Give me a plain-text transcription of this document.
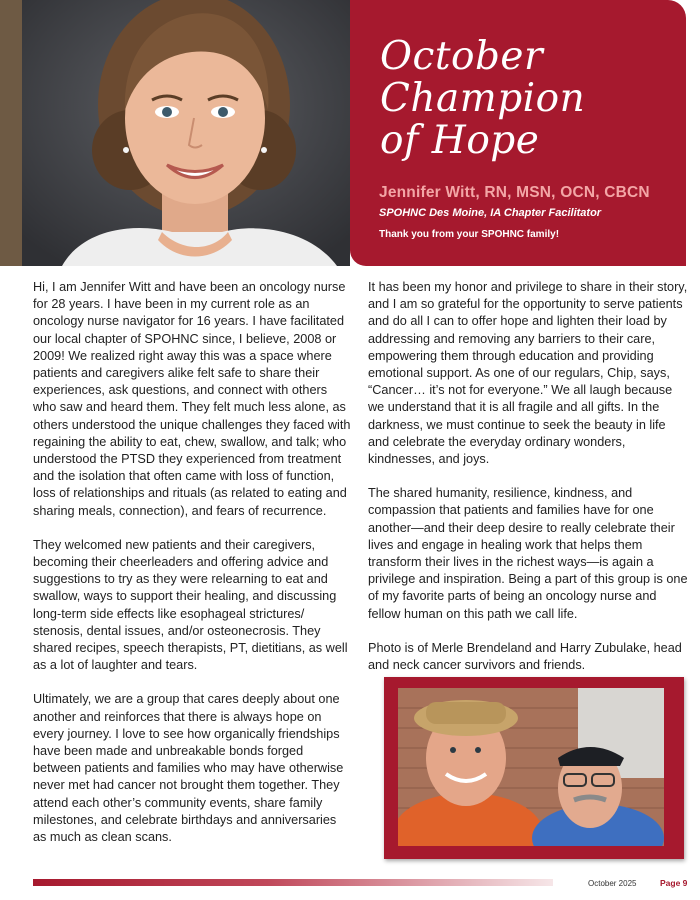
October
Champion
of Hope
Jennifer Witt, RN, MSN, OCN, CBCN
SPOHNC Des Moine, IA Chapter Facilitator
Thank you from your SPOHNC family!

Hi, I am Jennifer Witt and have been an oncology nurse for 28 years. I have been in my current role as an oncology nurse navigator for 16 years. I have facilitated our local chapter of SPOHNC since, I believe, 2008 or 2009! We realized right away this was a space where patients and caregivers alike felt safe to share their experiences, ask questions, and connect with others who saw and heard them. They felt much less alone, as others understood the unique challenges they faced with regaining the ability to eat, chew, swallow, and talk; who understood the PTSD they experienced from treatment and the isolation that often came with loss of function, loss of relationships and rituals (as related to eating and sharing meals, connection), and fears of recurrence.

They welcomed new patients and their caregivers, becoming their cheerleaders and offering advice and suggestions to try as they were relearning to eat and swallow, ways to support their healing, and discussing long-term side effects like esophageal strictures/ stenosis, dental issues, and/or osteonecrosis. They shared recipes, speech therapists, PT, dietitians, as well as a lot of laughter and tears.

Ultimately, we are a group that cares deeply about one another and reinforces that there is always hope on every journey. I love to see how organically friendships have been made and unbreakable bonds forged between patients and families who may have otherwise never met had cancer not brought them together. They attend each other’s community events, share family milestones, and celebrate birthdays and anniversaries as much as clean scans.

It has been my honor and privilege to share in their story, and I am so grateful for the opportunity to serve patients and do all I can to offer hope and lighten their load by addressing and removing any barriers to their care, empowering them through education and providing emotional support. As one of our regulars, Chip, says, “Cancer… it’s not for everyone.” We all laugh because we understand that it is all fragile and all gifts. In the darkness, we must continue to seek the beauty in life and celebrate the everyday ordinary wonders, kindnesses, and joys.

The shared humanity, resilience, kindness, and compassion that patients and families have for one another—and their deep desire to really celebrate their lives and engage in healing work that helps them transform their lives in the richest ways—is again a privilege and inspiration. Being a part of this group is one of my favorite parts of being an oncology nurse and fellow human on this path we call life.

Photo is of Merle Brendeland and Harry Zubulake, head and neck cancer survivors and friends.

October 2025	Page 9
